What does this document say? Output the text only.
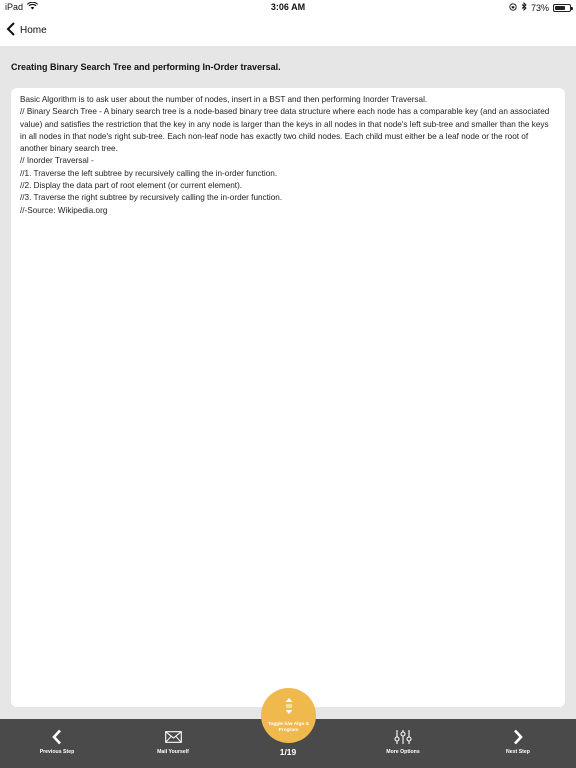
iPad	3:06 AM	73%
Home
Creating Binary Search Tree and performing In-Order traversal.
Basic Algorithm is to ask user about the number of nodes, insert in a BST and then performing Inorder Traversal.
// Binary Search Tree - A binary search tree is a node-based binary tree data structure where each node has a comparable key (and an associated value) and satisfies the restriction that the key in any node is larger than the keys in all nodes in that node's left sub-tree and smaller than the keys in all nodes in that node's right sub-tree. Each non-leaf node has exactly two child nodes. Each child must either be a leaf node or the root of another binary search tree.
// Inorder Traversal -
//1. Traverse the left subtree by recursively calling the in-order function.
//2. Display the data part of root element (or current element).
//3. Traverse the right subtree by recursively calling the in-order function.
//-Source: Wikipedia.org
Previous Step	Mail Yourself	More Options	Next Step
1/19
Toggle b/w Algo & Program
